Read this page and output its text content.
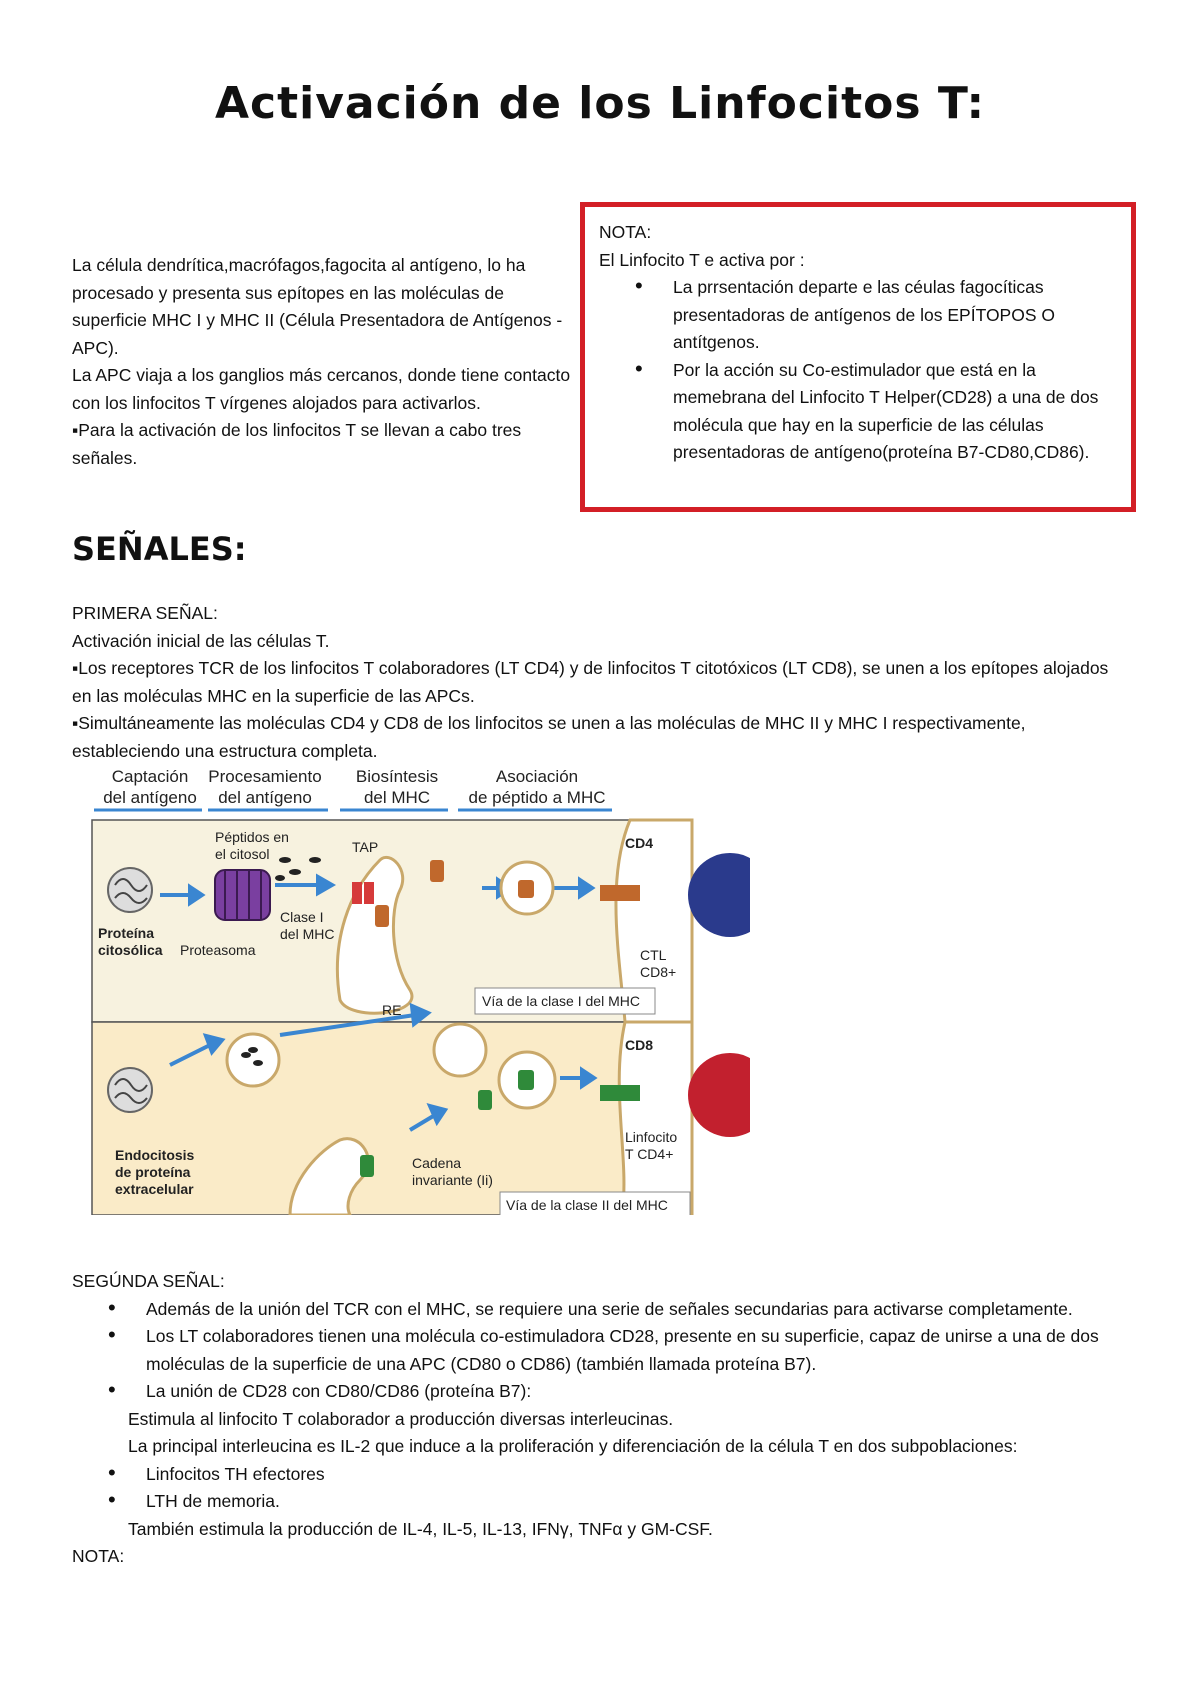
Activación de los Linfocitos T:

La célula dendrítica,macrófagos,fagocita al antígeno, lo ha procesado y presenta sus epítopes en las moléculas de superficie MHC I y MHC II (Célula Presentadora de Antígenos - APC).

La APC viaja a los ganglios más cercanos, donde tiene contacto con los linfocitos T vírgenes alojados para activarlos.

▪Para la activación de los linfocitos T se llevan a cabo tres señales.

NOTA:

El Linfocito T e activa por :

• La prrsentación departe e las céulas fagocíticas presentadoras de antígenos de los EPÍTOPOS O antítgenos.
• Por la acción su Co-estimulador que está en la memebrana del Linfocito T Helper(CD28) a una de dos molécula que hay en la superficie de las células presentadoras de antígeno(proteína B7-CD80,CD86).
SEÑALES:

PRIMERA SEÑAL:

Activación inicial de las células T.

▪Los receptores TCR de los linfocitos T colaboradores (LT CD4) y de linfocitos T citotóxicos (LT CD8), se unen a los epítopes alojados en las moléculas MHC en la superficie de las APCs.

▪Simultáneamente las moléculas CD4 y CD8 de los linfocitos se unen a las moléculas de MHC II y MHC I respectivamente, estableciendo una estructura completa.

Captación
del antígeno
Procesamiento
del antígeno
Biosíntesis
del MHC
Asociación
de péptido a MHC
Proteína
citosólica Proteasoma
Péptidos en
el citosol	TAP
Clase I
del MHC
RE
CD4
CTL
CD8+
Vía de la clase I del MHC
Endocitosis
de proteína
extracelular
Cadena
invariante (Ii)
CD8
Linfocito
T CD4+
Vía de la clase II del MHC

SEGÚNDA SEÑAL:

• Además de la unión del TCR con el MHC, se requiere una serie de señales secundarias para activarse completamente.
• Los LT colaboradores tienen una molécula co-estimuladora CD28, presente en su superficie, capaz de unirse a una de dos moléculas de la superficie de una APC (CD80 o CD86) (también llamada proteína B7).
• La unión de CD28 con CD80/CD86 (proteína B7):

Estimula al linfocito T colaborador a producción diversas interleucinas.

La principal interleucina es IL-2 que induce a la proliferación y diferenciación de la célula T en dos subpoblaciones:

• Linfocitos TH efectores
• LTH de memoria.

También estimula la producción de IL-4, IL-5, IL-13, IFNγ, TNFα y GM-CSF.

NOTA:
